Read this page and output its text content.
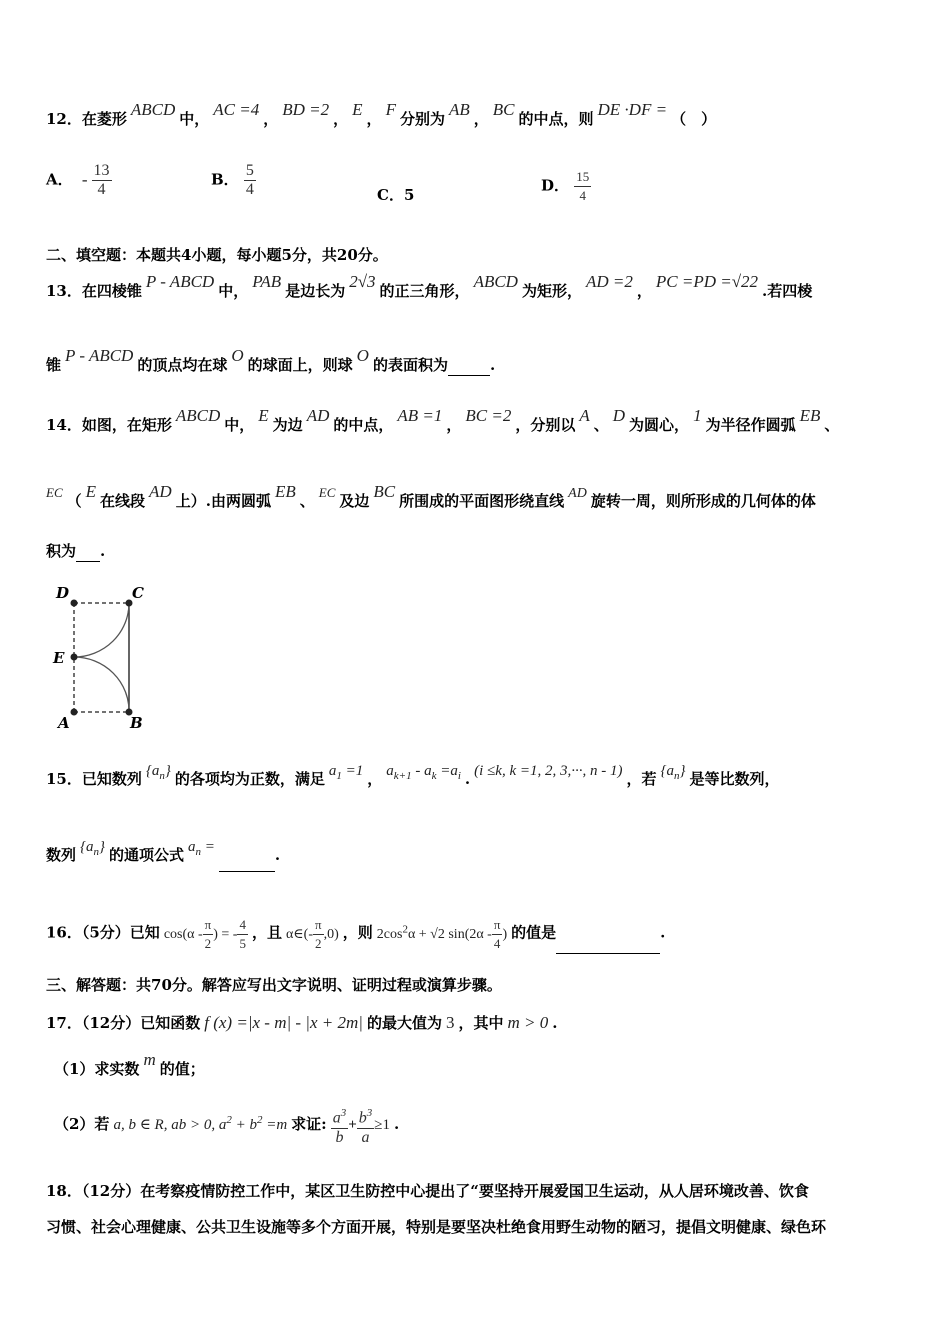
12．在菱形 ABCD 中， AC =4 ， BD =2 ， E ， F 分别为 AB ， BC 的中点，则 DE ·DF = （　）
A． - $\frac{13}{4}$	B． $\frac{5}{4}$	C．5
D． $\frac{15}{4}$
二、填空题：本题共4小题，每小题5分，共20分。
13．在四棱锥 P - ABCD 中， PAB 是边长为 2√3 的正三角形， ABCD 为矩形， AD =2 ， PC =PD =√22 .若四棱
锥 P - ABCD 的顶点均在球 O 的球面上，则球 O 的表面积为	.
14．如图，在矩形 ABCD 中， E 为边 AD 的中点， AB =1 ， BC =2 ，分别以 A 、 D 为圆心， 1 为半径作圆弧 EB 、
EC （ E 在线段 AD 上）.由两圆弧 EB 、 EC 及边 BC 所围成的平面图形绕直线 AD 旋转一周，则所形成的几何体的体
积为 .
D	C
E
A	B
15．已知数列 $\{a_n\}$ 的各项均为正数，满足 $a_1 =1$ ， $a_{k+1} - a_k =a_i$ . (i ≤k, k =1, 2, 3,···, n - 1) ，若 $\{a_n\}$ 是等比数列，
数列 $\{a_n\}$ 的通项公式 $a_n$ =	.
16．（5分）已知 $\cos(\alpha - \frac{\pi}{2}$ ) = - $\frac{4}{5}$ ，且 α∈(- $\frac{\pi}{2} ,0$) ，则 $2\cos^2\alpha + √2$ $\sin(2\alpha - \frac{\pi}{4}$ ) 的值是	.
三、解答题：共70分。解答应写出文字说明、证明过程或演算步骤。
17．（12分）已知函数 f (x) =|x - m| - |x + 2m| 的最大值为 3 ，其中 m > 0 .
（1）求实数 m 的值；
（2）若 a, b ∈ R, ab > 0, $a^2 + b^2 =m$ 求证: $\frac{a^3}{b} + \frac{b^3}{a} \ge 1$ .
18．（12分）在考察疫情防控工作中，某区卫生防控中心提出了“要坚持开展爱国卫生运动，从人居环境改善、饮食
习惯、社会心理健康、公共卫生设施等多个方面开展，特别是要坚决杜绝食用野生动物的陋习，提倡文明健康、绿色环
